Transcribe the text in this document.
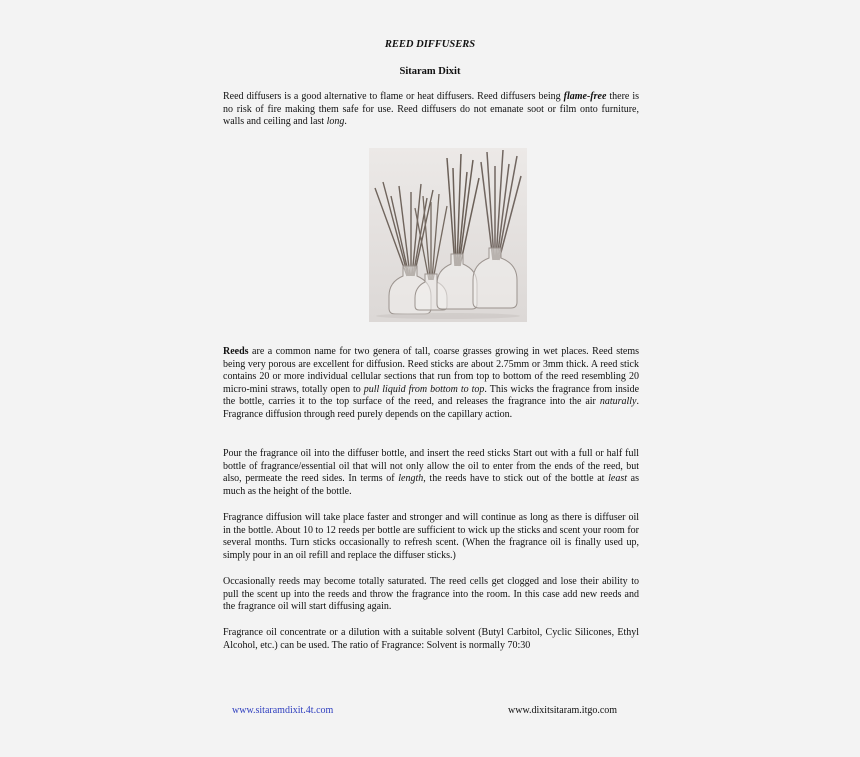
REED DIFFUSERS
Sitaram Dixit

Reed diffusers is a good alternative to flame or heat diffusers. Reed diffusers being flame-free there is no risk of fire making them safe for use. Reed diffusers do not emanate soot or film onto furniture, walls and ceiling and last long.

Reeds are a common name for two genera of tall, coarse grasses growing in wet places. Reed stems being very porous are excellent for diffusion. Reed sticks are about 2.75mm or 3mm thick. A reed stick contains 20 or more individual cellular sections that run from top to bottom of the reed resembling 20 micro-mini straws, totally open to pull liquid from bottom to top. This wicks the fragrance from inside the bottle, carries it to the top surface of the reed, and releases the fragrance into the air naturally. Fragrance diffusion through reed purely depends on the capillary action.

Pour the fragrance oil into the diffuser bottle, and insert the reed sticks Start out with a full or half full bottle of fragrance/essential oil that will not only allow the oil to enter from the ends of the reed, but also, permeate the reed sides. In terms of length, the reeds have to stick out of the bottle at least as much as the height of the bottle.

Fragrance diffusion will take place faster and stronger and will continue as long as there is diffuser oil in the bottle. About 10 to 12 reeds per bottle are sufficient to wick up the sticks and scent your room for several months. Turn sticks occasionally to refresh scent. (When the fragrance oil is finally used up, simply pour in an oil refill and replace the diffuser sticks.)

Occasionally reeds may become totally saturated. The reed cells get clogged and lose their ability to pull the scent up into the reeds and throw the fragrance into the room. In this case add new reeds and the fragrance oil will start diffusing again.

Fragrance oil concentrate or a dilution with a suitable solvent (Butyl Carbitol, Cyclic Silicones, Ethyl Alcohol, etc.) can be used. The ratio of Fragrance: Solvent is normally 70:30

www.sitaramdixit.4t.com	www.dixitsitaram.itgo.com
